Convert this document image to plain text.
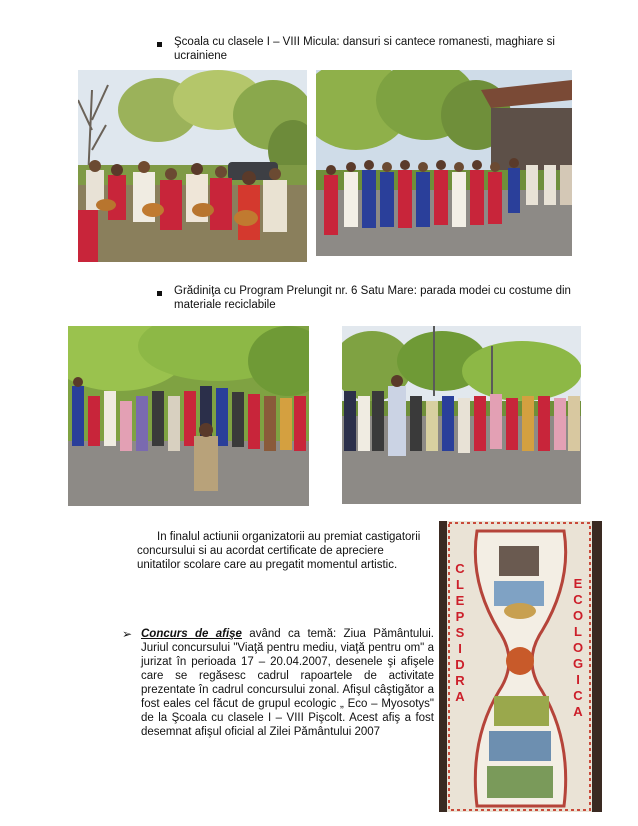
Şcoala cu clasele I – VIII Micula: dansuri si cantece romanesti, maghiare si ucrainiene
Grădiniţa cu Program Prelungit nr. 6 Satu Mare: parada modei cu costume din materiale reciclabile
In finalul actiunii organizatorii au premiat castigatorii concursului si au acordat certificate de apreciere unitatilor scolare care au pregatit momentul artistic.	CLEPSIDRA	ECOLOGICA
➢ Concurs de afişe având ca temă: Ziua Pământului. Juriul concursului "Viaţă pentru mediu, viaţă pentru om" a jurizat în perioada 17 – 20.04.2007, desenele şi afişele care se regăsesc cadrul rapoartele de activitate prezentate în cadrul concursului zonal. Afişul câştigător a fost eales cel făcut de grupul ecologic „ Eco – Myosotys" de la Şcoala cu clasele I – VIII Pişcolt. Acest afiş a fost desemnat afişul oficial al Zilei Pământului 2007
